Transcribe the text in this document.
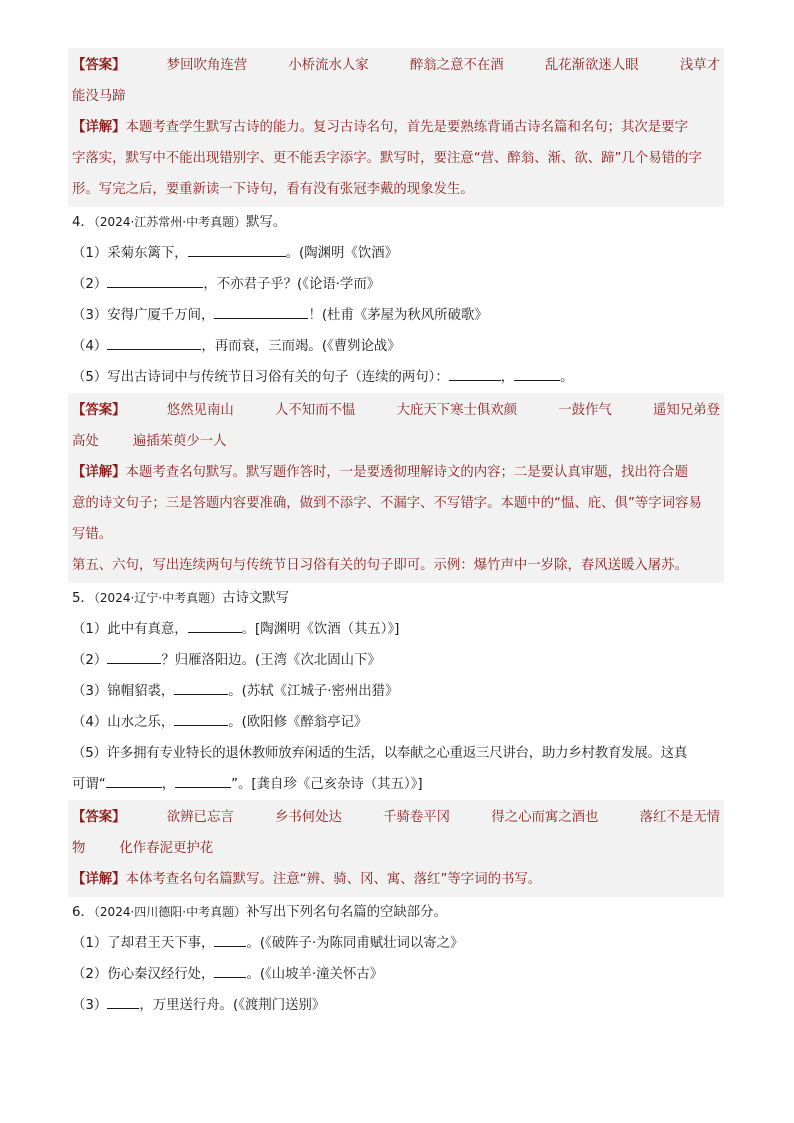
【答案】	梦回吹角连营	小桥流水人家	醉翁之意不在酒	乱花渐欲迷人眼	浅草才
能没马蹄
【详解】本题考查学生默写古诗的能力。复习古诗名句，首先是要熟练背诵古诗名篇和名句；其次是要字
字落实，默写中不能出现错别字、更不能丢字添字。默写时，要注意“营、醉翁、渐、欲、蹄”几个易错的字
形。写完之后，要重新读一下诗句，看有没有张冠李戴的现象发生。
4．（2024·江苏常州·中考真题）默写。
（1）采菊东篱下，	。(陶渊明《饮酒》
（2）	，不亦君子乎？(《论语·学而》
（3）安得广厦千万间，	！(杜甫《茅屋为秋风所破歌》
（4）	，再而衰，三而竭。(《曹刿论战》
（5）写出古诗词中与传统节日习俗有关的句子（连续的两句）：	，	。
【答案】	悠然见南山	人不知而不愠	大庇天下寒士俱欢颜	一鼓作气	遥知兄弟登
高处	遍插茱萸少一人
【详解】本题考查名句默写。默写题作答时，一是要透彻理解诗文的内容；二是要认真审题，找出符合题
意的诗文句子；三是答题内容要准确，做到不添字、不漏字、不写错字。本题中的“愠、庇、俱”等字词容易
写错。
第五、六句，写出连续两句与传统节日习俗有关的句子即可。示例：爆竹声中一岁除，春风送暖入屠苏。
5．（2024·辽宁·中考真题）古诗文默写
（1）此中有真意，	。[陶渊明《饮酒（其五）》]
（2）	？归雁洛阳边。(王湾《次北固山下》
（3）锦帽貂裘，	。(苏轼《江城子·密州出猎》
（4）山水之乐，	。(欧阳修《醉翁亭记》
（5）许多拥有专业特长的退休教师放弃闲适的生活，以奉献之心重返三尺讲台，助力乡村教育发展。这真
可谓“	，	”。[龚自珍《己亥杂诗（其五）》]
【答案】	欲辨已忘言	乡书何处达	千骑卷平冈	得之心而寓之酒也	落红不是无情
物	化作春泥更护花
【详解】本体考查名句名篇默写。注意“辨、骑、冈、寓、落红”等字词的书写。
6．（2024·四川德阳·中考真题）补写出下列名句名篇的空缺部分。
（1）了却君王天下事， 。(《破阵子·为陈同甫赋壮词以寄之》
（2）伤心秦汉经行处， 。(《山坡羊·潼关怀古》
（3） ，万里送行舟。(《渡荆门送别》
